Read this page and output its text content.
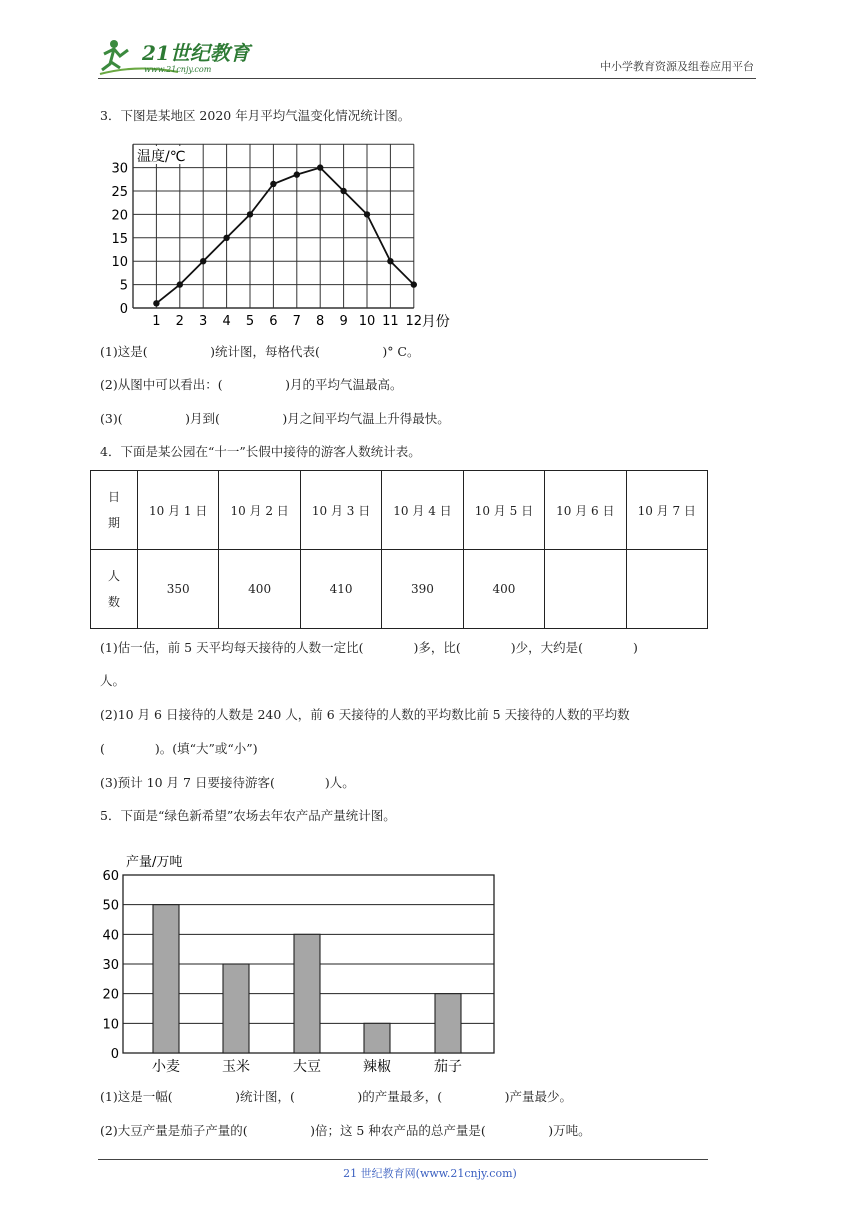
21世纪教育
www.21cnjy.com	中小学教育资源及组卷应用平台
3．下图是某地区 2020 年月平均气温变化情况统计图。
0
5
10
15
20
25
30
1 2 3 4 5 6 7 8 9 10 11 12
温度/℃
月份
(1)这是(　　　　　)统计图，每格代表(　　　　　)° C。
(2)从图中可以看出：(　　　　　)月的平均气温最高。
(3)(　　　　　)月到(　　　　　)月之间平均气温上升得最快。
4．下面是某公园在“十一”长假中接待的游客人数统计表。
日
期	10 月 1 日	10 月 2 日	10 月 3 日	10 月 4 日	10 月 5 日	10 月 6 日	10 月 7 日

人
数	350	400	410	390	400		
(1)估一估，前 5 天平均每天接待的人数一定比(　　　　)多，比(　　　　)少，大约是(　　　　)
人。
(2)10 月 6 日接待的人数是 240 人，前 6 天接待的人数的平均数比前 5 天接待的人数的平均数
(　　　　)。(填“大”或“小”)
(3)预计 10 月 7 日要接待游客(　　　　)人。
5．下面是“绿色新希望”农场去年农产品产量统计图。
0
10
20
30
40
50
60
产量/万吨
小麦	玉米	大豆	辣椒	茄子
(1)这是一幅(　　　　　)统计图，(　　　　　)的产量最多，(　　　　　)产量最少。
(2)大豆产量是茄子产量的(　　　　　)倍；这 5 种农产品的总产量是(　　　　　)万吨。
21 世纪教育网(www.21cnjy.com)
